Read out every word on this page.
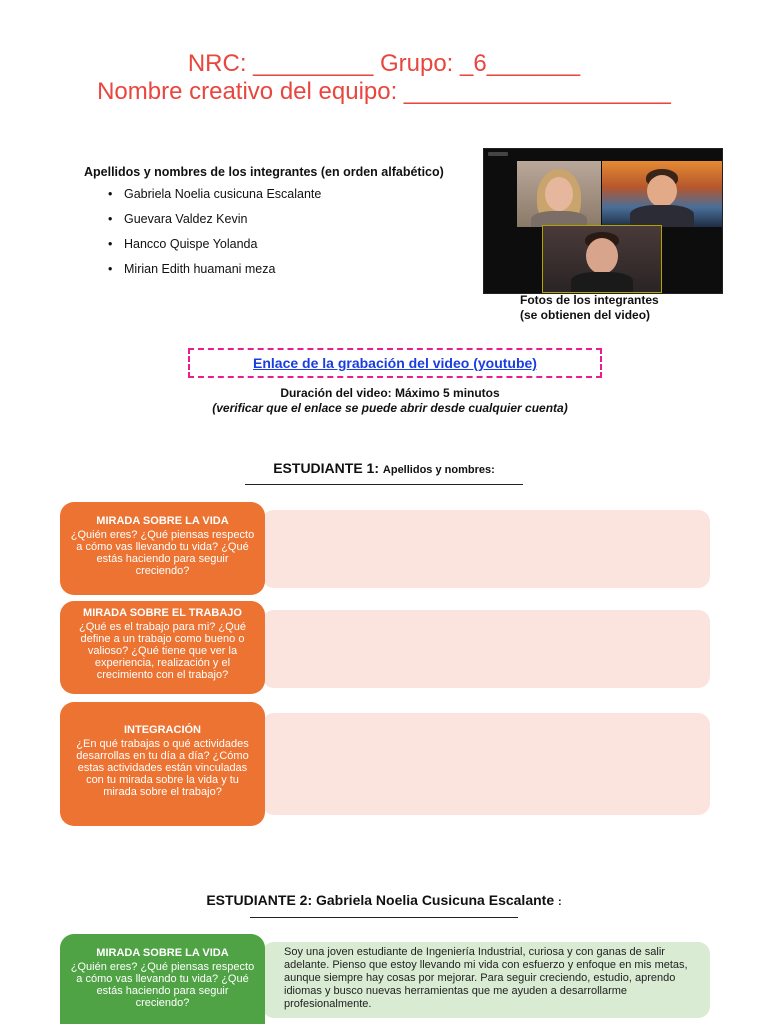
NRC: _________ Grupo: _6_______
Nombre creativo del equipo: ____________________
Apellidos y nombres de los integrantes (en orden alfabético)
• Gabriela Noelia cusicuna Escalante
• Guevara Valdez Kevin
• Hancco Quispe Yolanda
• Mirian Edith huamani meza
Fotos de los integrantes
(se obtienen del video)
Enlace de la grabación del video (youtube)
Duración del video: Máximo 5 minutos
(verificar que el enlace se puede abrir desde cualquier cuenta)
ESTUDIANTE 1: Apellidos y nombres:
MIRADA SOBRE LA VIDA
¿Quién eres? ¿Qué piensas respecto a cómo vas llevando tu vida? ¿Qué estás haciendo para seguir creciendo?
MIRADA SOBRE EL TRABAJO
¿Qué es el trabajo para mi? ¿Qué define a un trabajo como bueno o valioso? ¿Qué tiene que ver la experiencia, realización y el crecimiento con el trabajo?
INTEGRACIÓN
¿En qué trabajas o qué actividades desarrollas en tu día a día? ¿Cómo estas actividades están vinculadas con tu mirada sobre la vida y tu mirada sobre el trabajo?
ESTUDIANTE 2: Gabriela Noelia Cusicuna Escalante :
Soy una joven estudiante de Ingeniería Industrial, curiosa y con ganas de salir adelante. Pienso que estoy llevando mi vida con esfuerzo y enfoque en mis metas, aunque siempre hay cosas por mejorar. Para seguir creciendo, estudio, aprendo idiomas y busco nuevas herramientas que me ayuden a desarrollarme profesionalmente.
MIRADA SOBRE LA VIDA
¿Quién eres? ¿Qué piensas respecto a cómo vas llevando tu vida? ¿Qué estás haciendo para seguir creciendo?
